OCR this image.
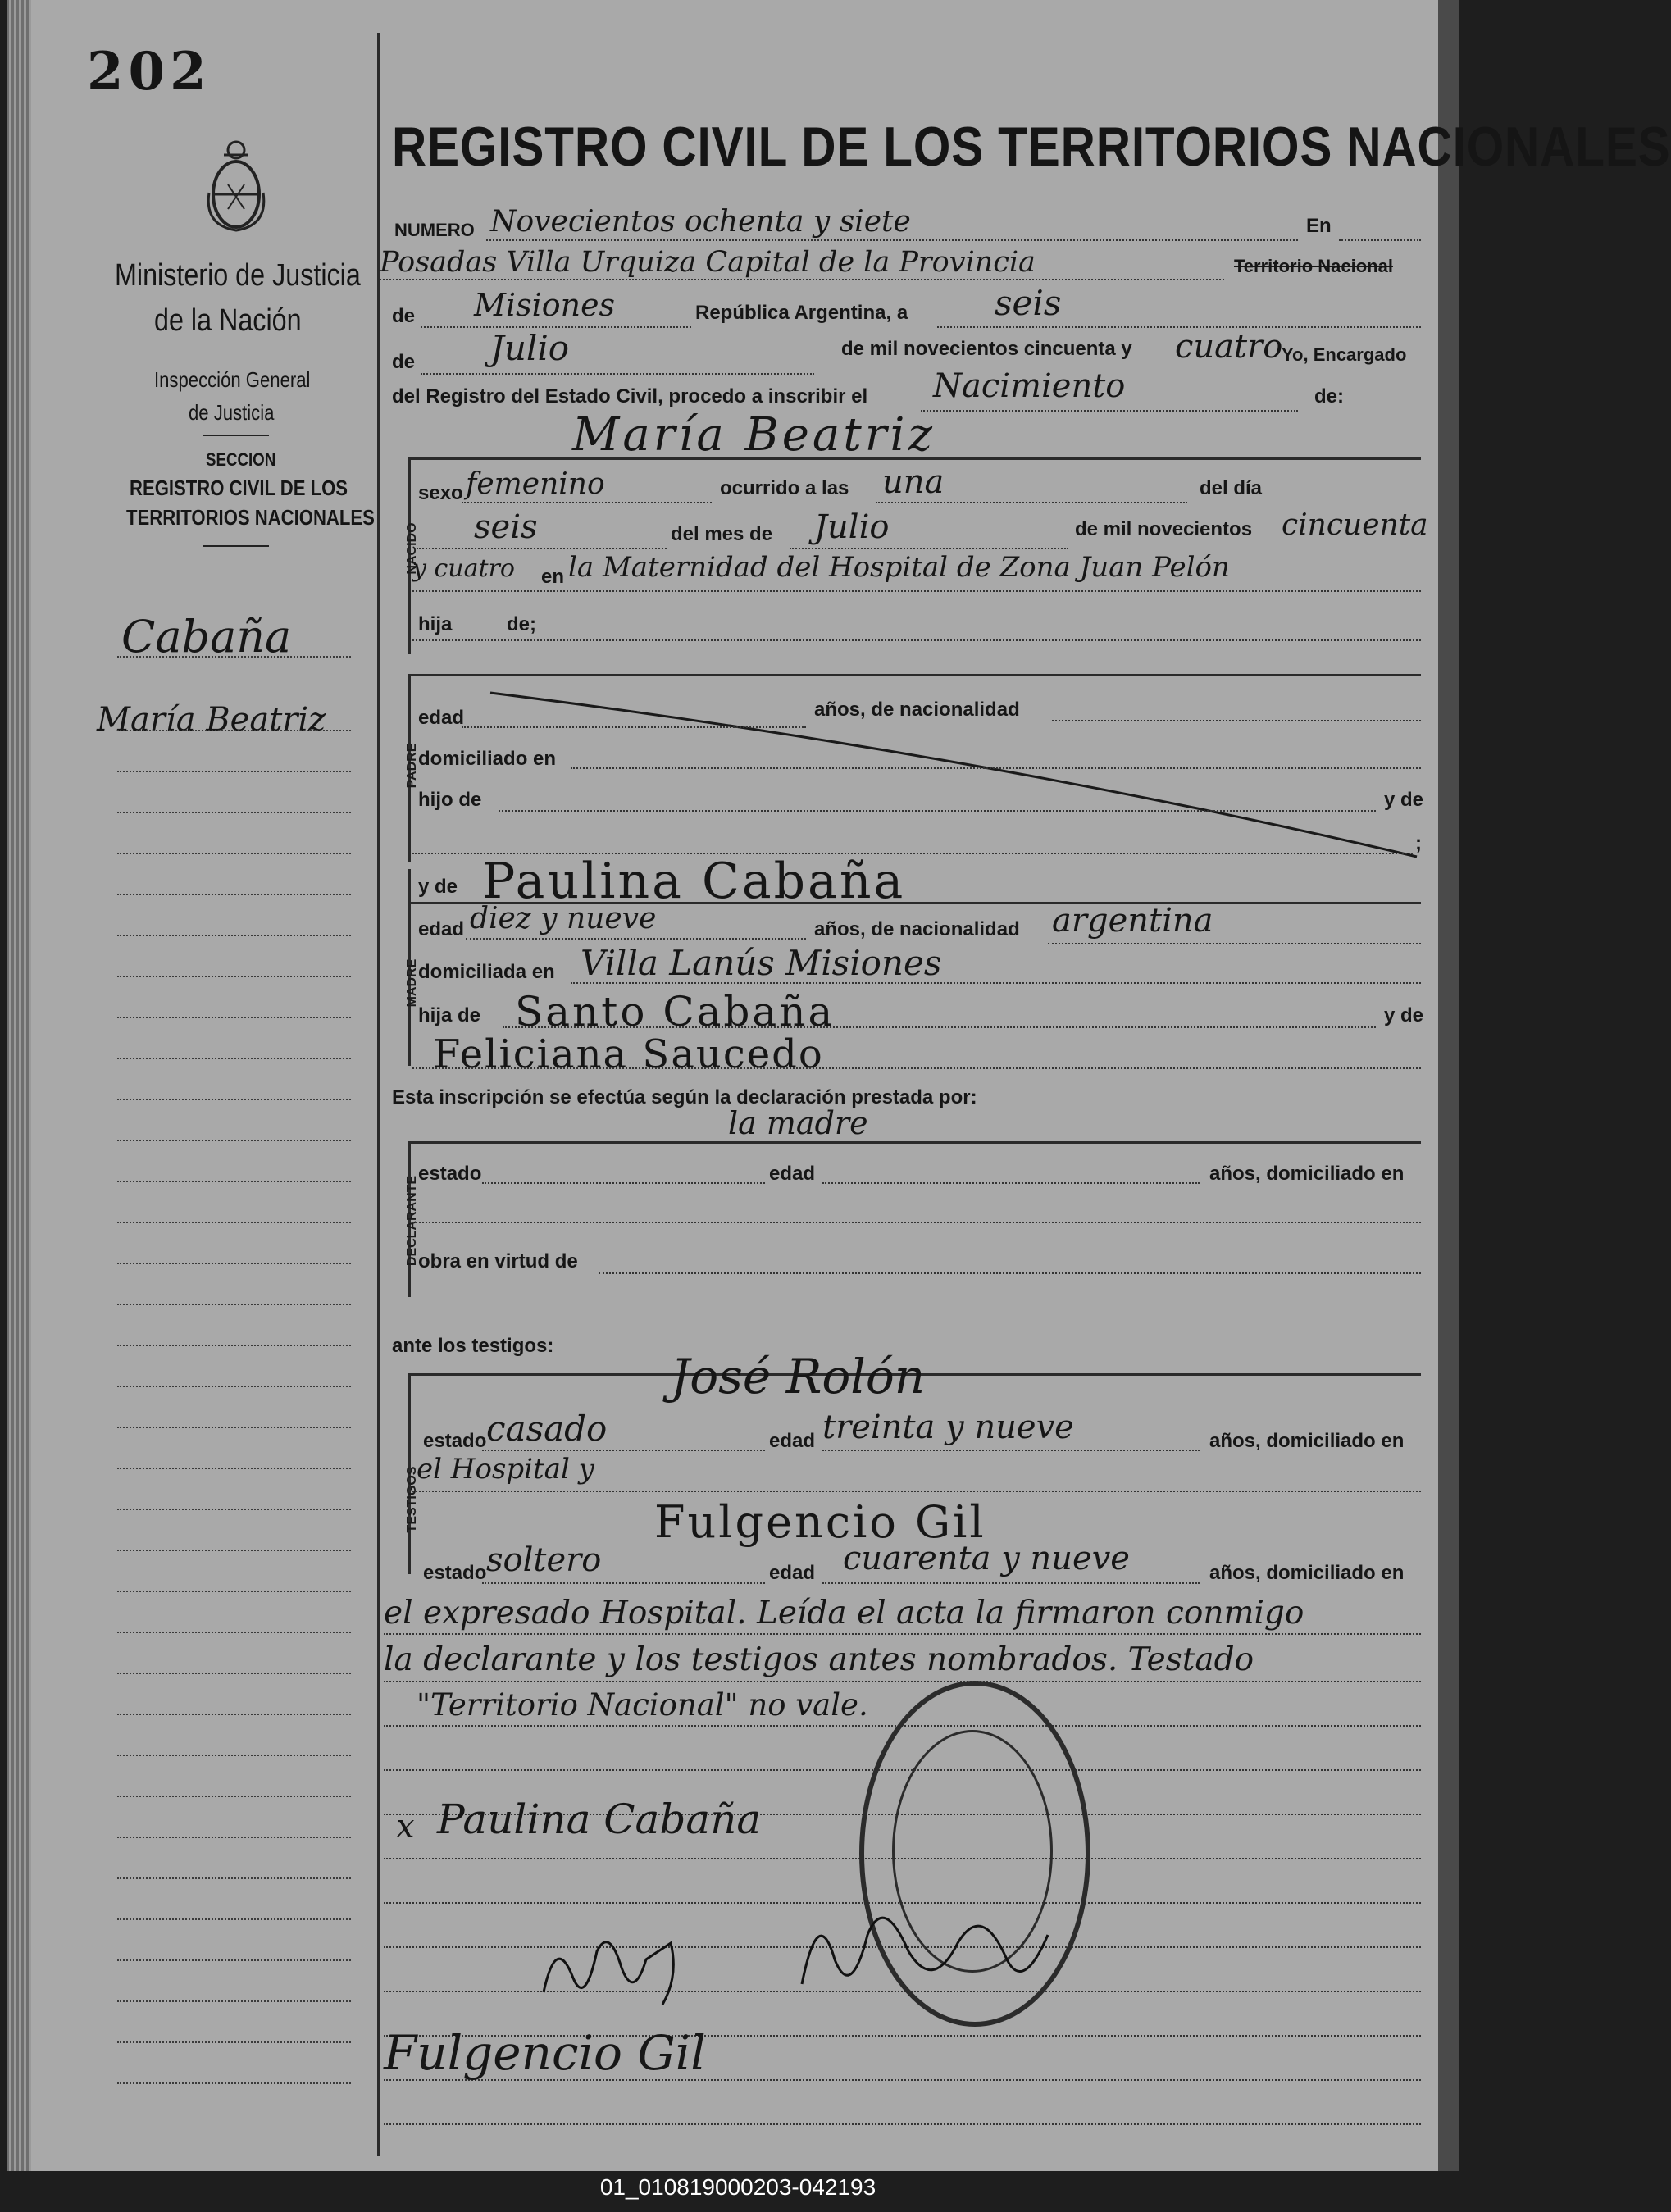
202
Ministerio de Justicia
de la Nación
Inspección General
de Justicia
SECCION
REGISTRO CIVIL DE LOS
TERRITORIOS NACIONALES
Cabaña
María Beatriz
REGISTRO CIVIL DE LOS TERRITORIOS NACIONALES
NUMERO Novecientos ochenta y siete	En
Posadas Villa Urquiza Capital de la Provincia	Territorio Nacional
de Misiones	República Argentina, a	seis
de Julio	de mil novecientos cincuenta y cuatro
Yo, Encargado
del Registro del Estado Civil, procedo a inscribir el Nacimiento	de:
María Beatriz
NACIDO
sexo femenino	ocurrido a las una	del día
seis	del mes de Julio	de mil novecientos cincuenta
y cuatro en la Maternidad del Hospital de Zona Juan Pelón
hija	de;
PADRE
edad	años, de nacionalidad
domiciliado en
hijo de	y de
;
MADRE
y de Paulina Cabaña
edad diez y nueve	años, de nacionalidad argentina
domiciliada en Villa Lanús Misiones
hija de Santo Cabaña	y de
Feliciana Saucedo
Esta inscripción se efectúa según la declaración prestada por:
la madre
DECLARANTE
estado	edad	años, domiciliado en
obra en virtud de
ante los testigos:
TESTIGOS
José Rolón
estado casado	edad treinta y nueve	años, domiciliado en
el Hospital y
Fulgencio Gil
estado soltero	edad cuarenta y nueve	años, domiciliado en
el expresado Hospital. Leída el acta la firmaron conmigo
la declarante y los testigos antes nombrados. Testado
"Territorio Nacional" no vale.
x Paulina Cabaña
Fulgencio Gil
01_010819000203-042193
